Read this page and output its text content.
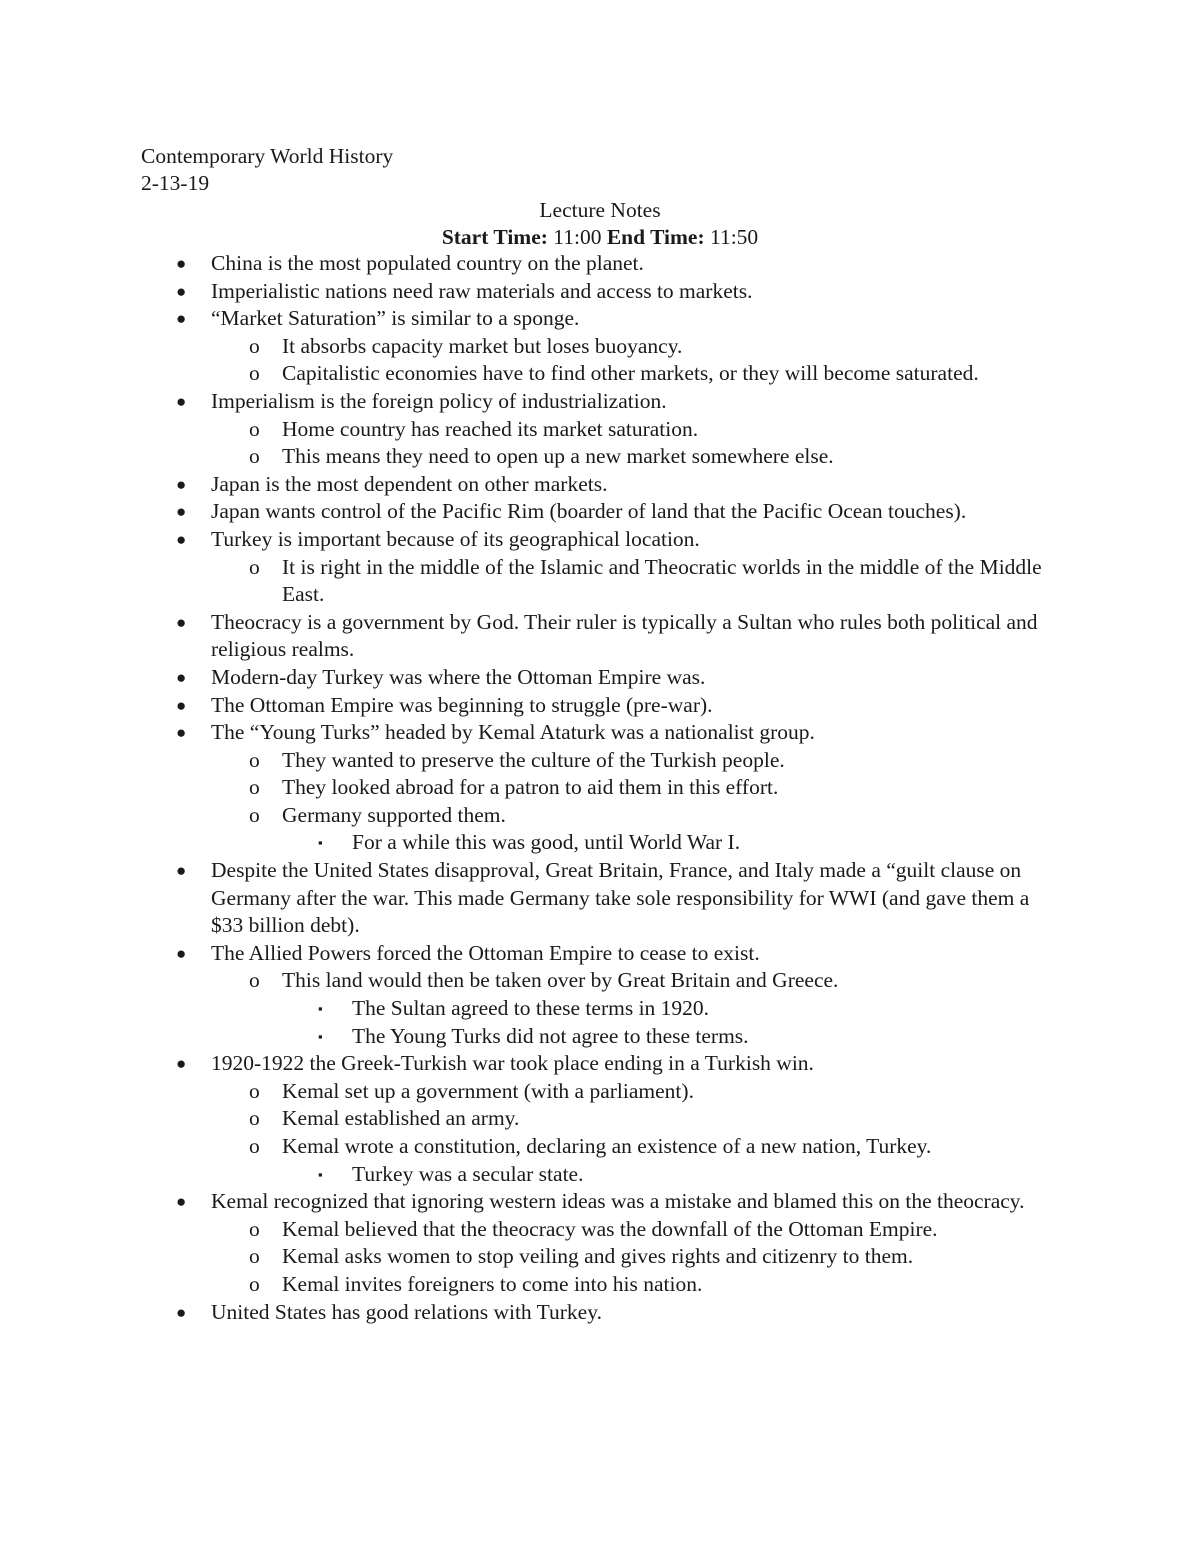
Contemporary World History
2-13-19
Lecture Notes
Start Time: 11:00 End Time: 11:50
● China is the most populated country on the planet.
● Imperialistic nations need raw materials and access to markets.
● “Market Saturation” is similar to a sponge.
o It absorbs capacity market but loses buoyancy.
o Capitalistic economies have to find other markets, or they will become saturated.
● Imperialism is the foreign policy of industrialization.
o Home country has reached its market saturation.
o This means they need to open up a new market somewhere else.
● Japan is the most dependent on other markets.
● Japan wants control of the Pacific Rim (boarder of land that the Pacific Ocean touches).
● Turkey is important because of its geographical location.
o It is right in the middle of the Islamic and Theocratic worlds in the middle of the Middle East.
● Theocracy is a government by God. Their ruler is typically a Sultan who rules both political and religious realms.
● Modern-day Turkey was where the Ottoman Empire was.
● The Ottoman Empire was beginning to struggle (pre-war).
● The “Young Turks” headed by Kemal Ataturk was a nationalist group.
o They wanted to preserve the culture of the Turkish people.
o They looked abroad for a patron to aid them in this effort.
o Germany supported them.
▪ For a while this was good, until World War I.
● Despite the United States disapproval, Great Britain, France, and Italy made a “guilt clause on Germany after the war. This made Germany take sole responsibility for WWI (and gave them a $33 billion debt).
● The Allied Powers forced the Ottoman Empire to cease to exist.
o This land would then be taken over by Great Britain and Greece.
▪ The Sultan agreed to these terms in 1920.
▪ The Young Turks did not agree to these terms.
● 1920-1922 the Greek-Turkish war took place ending in a Turkish win.
o Kemal set up a government (with a parliament).
o Kemal established an army.
o Kemal wrote a constitution, declaring an existence of a new nation, Turkey.
▪ Turkey was a secular state.
● Kemal recognized that ignoring western ideas was a mistake and blamed this on the theocracy.
o Kemal believed that the theocracy was the downfall of the Ottoman Empire.
o Kemal asks women to stop veiling and gives rights and citizenry to them.
o Kemal invites foreigners to come into his nation.
● United States has good relations with Turkey.
